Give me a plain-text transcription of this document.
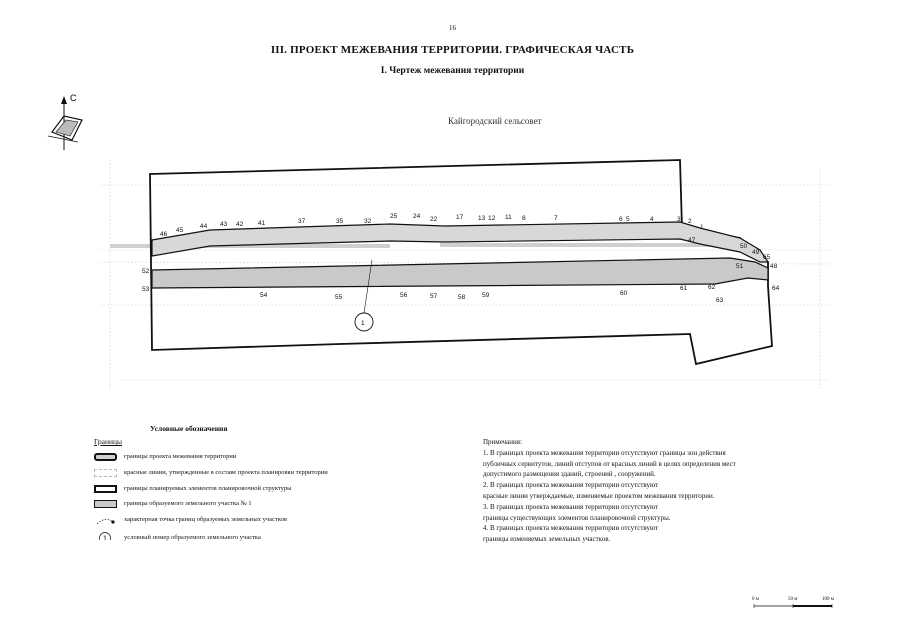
16
III. ПРОЕКТ МЕЖЕВАНИЯ ТЕРРИТОРИИ. ГРАФИЧЕСКАЯ ЧАСТЬ
I. Чертеж межевания территории
Кайгородский сельсовет
С
1
46
45
44 43 42 41	37	35	32
25 24 22	17 13 12 11 8	7	6 5	4	3 2
1
47
50
49
65
48
51
52
53
54	55	56	57	58	59	60
61	62
63
64
Условные обозначения
Границы
границы проекта межевания территории
красные линии, утвержденные в составе проекта планировки территории
границы планируемых элементов планировочной структуры
границы образуемого земельного участка № 1
характерная точка границ образуемых земельных участков
1	условный номер образуемого земельного участка
Примечания:
1. В границах проекта межевания территории отсутствуют границы зон действия
публичных сервитутов, линий отступов от красных линий в целях определения мест
допустимого размещения зданий, строений , сооружений.
2. В границах проекта межевания территории отсутствуют
красные линии утверждаемые, изменяемые проектом межевания территории.
3. В границах проекта межевания территории отсутствуют
границы существующих элементов планировочной структуры.
4. В границах проекта межевания территории отсутствуют
границы изменяемых земельных участков.
0 м	50 м	100 м
